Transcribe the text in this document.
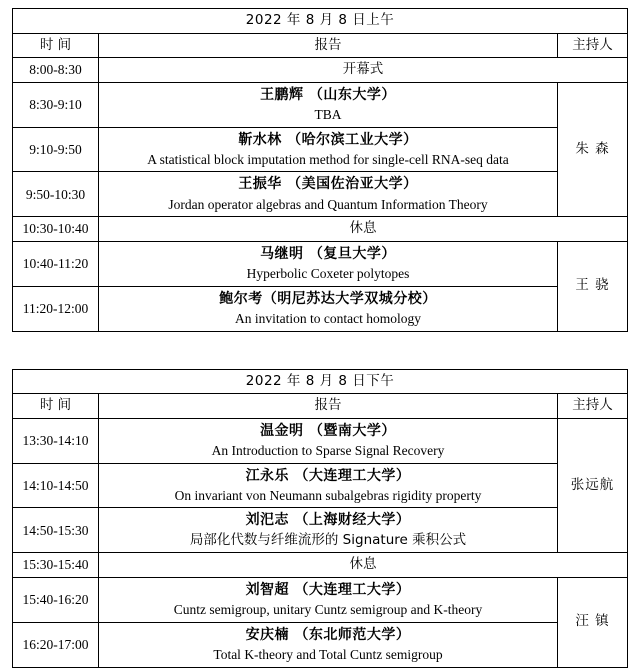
2022 年 8 月 8 日上午		
时 间	报告	主持人
8:00-8:30	开幕式	
8:30-9:10	王鹏辉 （山东大学）
TBA	朱 森
9:10-9:50	靳水林 （哈尔滨工业大学）
A statistical block imputation method for single-cell RNA-seq data	

9:50-10:30	王振华 （美国佐治亚大学）
Jordan operator algebras and Quantum Information Theory	

10:30-10:40	休息	
10:40-11:20	马继明 （复旦大学）
Hyperbolic Coxeter polytopes	王 骁
11:20-12:00	鲍尔考（明尼苏达大学双城分校）
An invitation to contact homology	
2022 年 8 月 8 日下午		
时 间	报告	主持人
13:30-14:10	温金明 （暨南大学）
An Introduction to Sparse Signal Recovery	张远航
14:10-14:50	江永乐 （大连理工大学）
On invariant von Neumann subalgebras rigidity property	

14:50-15:30	刘汜志 （上海财经大学）
局部化代数与纤维流形的 Signature 乘积公式	

15:30-15:40	休息	
15:40-16:20	刘智超 （大连理工大学）
Cuntz semigroup, unitary Cuntz semigroup and K-theory	汪 镇
16:20-17:00	安庆楠 （东北师范大学）
Total K-theory and Total Cuntz semigroup	
